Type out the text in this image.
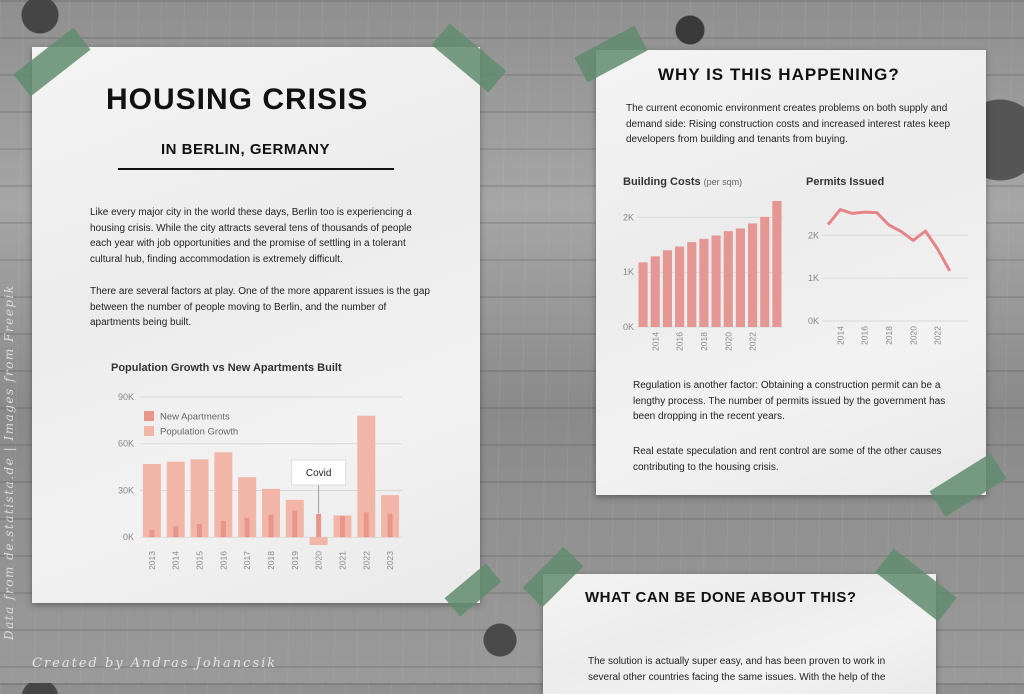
HOUSING CRISIS
IN BERLIN, GERMANY

Like every major city in the world these days, Berlin too is experiencing a housing crisis. While the city attracts several tens of thousands of people each year with job opportunities and the promise of settling in a tolerant cultural hub, finding accommodation is extremely difficult.

There are several factors at play. One of the more apparent issues is the gap between the number of people moving to Berlin, and the number of apartments being built.

Population Growth vs New Apartments Built
0K
30K
60K
90K
2013 2014 2015 2016 2017 2018 2019 2020 2021 2022 2023
New Apartments
Population Growth
Covid
WHY IS THIS HAPPENING?

The current economic environment creates problems on both supply and demand side: Rising construction costs and increased interest rates keep developers from building and tenants from buying.

Building Costs (per sqm)
0K
1K
2K
2014 2016 2018 2020 2022
Permits Issued
0K
1K
2K
2014 2016 2018 2020 2022

Regulation is another factor: Obtaining a construction permit can be a lengthy process. The number of permits issued by the government has been dropping in the recent years.

Real estate speculation and rent control are some of the other causes contributing to the housing crisis.

WHAT CAN BE DONE ABOUT THIS?

The solution is actually super easy, and has been proven to work in several other countries facing the same issues. With the help of the

Data from de.statista.de | Images from Freepik
Created by Andras Johancsik
